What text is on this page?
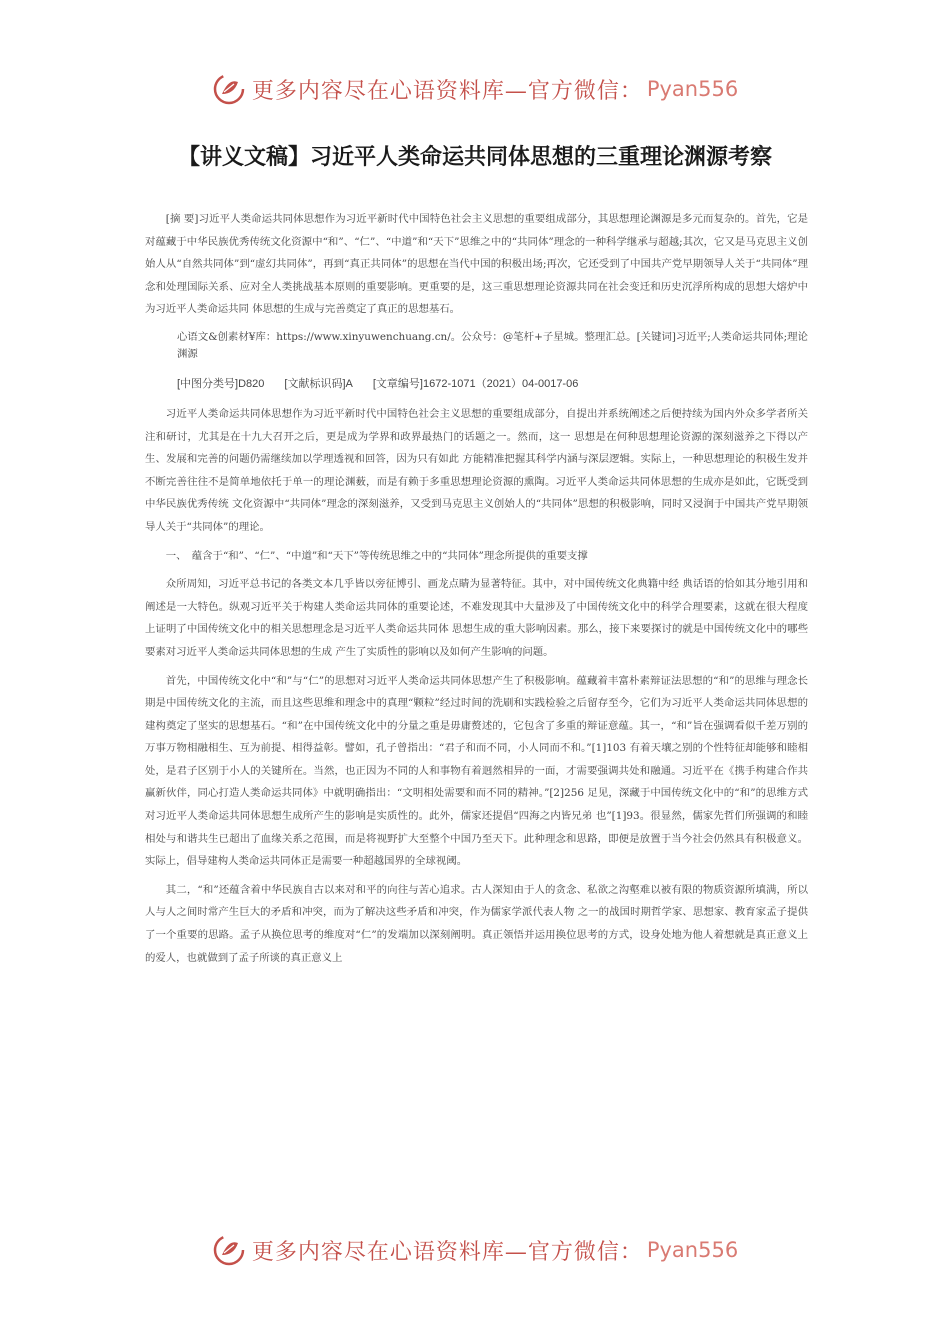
更多内容尽在心语资料库—官方微信： Pyan556
【讲义文稿】习近平人类命运共同体思想的三重理论渊源考察

[摘 要]习近平人类命运共同体思想作为习近平新时代中国特色社会主义思想的重要组成部分，其思想理论渊源是多元而复杂的。首先，它是对蕴藏于中华民族优秀传统文化资源中“和”、“仁”、“中道”和“天下”思维之中的“共同体”理念的一种科学继承与超越;其次，它又是马克思主义创始人从“自然共同体”到“虚幻共同体”，再到“真正共同体”的思想在当代中国的积极出场;再次，它还受到了中国共产党早期领导人关于“共同体”理念和处理国际关系、应对全人类挑战基本原则的重要影响。更重要的是，这三重思想理论资源共同在社会变迁和历史沉浮所构成的思想大熔炉中为习近平人类命运共同 体思想的生成与完善奠定了真正的思想基石。

心语文&创素材¥库：https://www.xinyuwenchuang.cn/。公众号：@笔杆+子星城。整理汇总。[关键词]习近平;人类命运共同体;理论渊源

[中图分类号]D820 [文献标识码]A [文章编号]1672-1071（2021）04-0017-06

习近平人类命运共同体思想作为习近平新时代中国特色社会主义思想的重要组成部分，自提出并系统阐述之后便持续为国内外众多学者所关注和研讨，尤其是在十九大召开之后，更是成为学界和政界最热门的话题之一。然而，这一 思想是在何种思想理论资源的深刻滋养之下得以产生、发展和完善的问题仍需继续加以学理透视和回答，因为只有如此 方能精准把握其科学内涵与深层逻辑。实际上，一种思想理论的积极生发并不断完善往往不是简单地依托于单一的理论渊薮，而是有赖于多重思想理论资源的熏陶。习近平人类命运共同体思想的生成亦是如此，它既受到中华民族优秀传统 文化资源中“共同体”理念的深刻滋养，又受到马克思主义创始人的“共同体”思想的积极影响，同时又浸润于中国共产党早期领导人关于“共同体”的理论。

一、　蕴含于“和”、“仁”、“中道”和“天下”等传统思维之中的“共同体”理念所提供的重要支撑

众所周知，习近平总书记的各类文本几乎皆以旁征博引、画龙点睛为显著特征。其中，对中国传统文化典籍中经 典话语的恰如其分地引用和阐述是一大特色。纵观习近平关于构建人类命运共同体的重要论述，不难发现其中大量涉及了中国传统文化中的科学合理要素，这就在很大程度上证明了中国传统文化中的相关思想理念是习近平人类命运共同体 思想生成的重大影响因素。那么，接下来要探讨的就是中国传统文化中的哪些要素对习近平人类命运共同体思想的生成 产生了实质性的影响以及如何产生影响的问题。

首先，中国传统文化中“和”与“仁”的思想对习近平人类命运共同体思想产生了积极影响。蕴藏着丰富朴素辩证法思想的“和”的思维与理念长期是中国传统文化的主流，而且这些思维和理念中的真理“颗粒”经过时间的洗刷和实践检验之后留存至今，它们为习近平人类命运共同体思想的建构奠定了坚实的思想基石。“和”在中国传统文化中的分量之重是毋庸赘述的，它包含了多重的辩证意蕴。其一，“和”旨在强调看似千差万别的万事万物相融相生、互为前提、相得益彰。譬如，孔子曾指出：“君子和而不同，小人同而不和。”[1]103 有着天壤之别的个性特征却能够和睦相处，是君子区别于小人的关键所在。当然，也正因为不同的人和事物有着迥然相异的一面，才需要强调共处和融通。习近平在《携手构建合作共赢新伙伴，同心打造人类命运共同体》中就明确指出：“文明相处需要和而不同的精神。”[2]256 足见，深藏于中国传统文化中的“和”的思维方式对习近平人类命运共同体思想生成所产生的影响是实质性的。此外，儒家还提倡“四海之内皆兄弟 也”[1]93。很显然，儒家先哲们所强调的和睦相处与和谐共生已超出了血缘关系之范围，而是将视野扩大至整个中国乃至天下。此种理念和思路，即便是放置于当今社会仍然具有积极意义。实际上，倡导建构人类命运共同体正是需要一种超越国界的全球视阈。

其二，“和”还蕴含着中华民族自古以来对和平的向往与苦心追求。古人深知由于人的贪念、私欲之沟壑难以被有限的物质资源所填满，所以人与人之间时常产生巨大的矛盾和冲突，而为了解决这些矛盾和冲突，作为儒家学派代表人物 之一的战国时期哲学家、思想家、教育家孟子提供了一个重要的思路。孟子从换位思考的维度对“仁”的发端加以深刻阐明。真正领悟并运用换位思考的方式，设身处地为他人着想就是真正意义上的爱人，也就做到了孟子所谈的真正意义上

更多内容尽在心语资料库—官方微信： Pyan556
